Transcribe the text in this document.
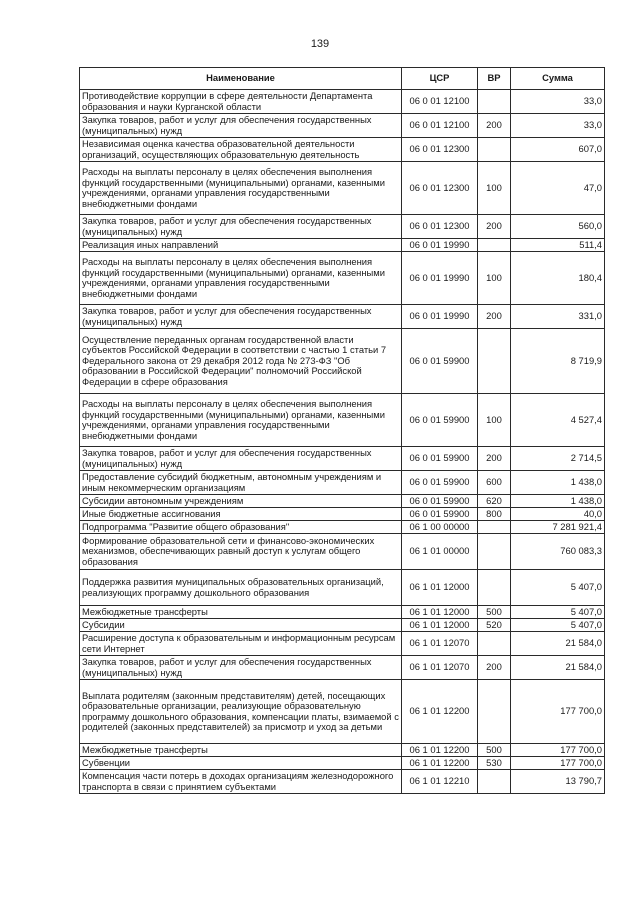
139
Наименование	ЦСР	ВР	Сумма
Противодействие коррупции в сфере деятельности Департамента образования и науки Курганской области	06 0 01 12100		33,0
Закупка товаров, работ и услуг для обеспечения государственных (муниципальных) нужд	06 0 01 12100	200	33,0
Независимая оценка качества образовательной деятельности организаций, осуществляющих образовательную деятельность	06 0 01 12300		607,0
Расходы на выплаты персоналу в целях обеспечения выполнения функций государственными (муниципальными) органами, казенными учреждениями, органами управления государственными внебюджетными фондами	06 0 01 12300	100	47,0
Закупка товаров, работ и услуг для обеспечения государственных (муниципальных) нужд	06 0 01 12300	200	560,0
Реализация иных направлений	06 0 01 19990		511,4
Расходы на выплаты персоналу в целях обеспечения выполнения функций государственными (муниципальными) органами, казенными учреждениями, органами управления государственными внебюджетными фондами	06 0 01 19990	100	180,4
Закупка товаров, работ и услуг для обеспечения государственных (муниципальных) нужд	06 0 01 19990	200	331,0
Осуществление переданных органам государственной власти субъектов Российской Федерации в соответствии с частью 1 статьи 7 Федерального закона от 29 декабря 2012 года № 273-ФЗ "Об образовании в Российской Федерации" полномочий Российской Федерации в сфере образования	06 0 01 59900		8 719,9
Расходы на выплаты персоналу в целях обеспечения выполнения функций государственными (муниципальными) органами, казенными учреждениями, органами управления государственными внебюджетными фондами	06 0 01 59900	100	4 527,4
Закупка товаров, работ и услуг для обеспечения государственных (муниципальных) нужд	06 0 01 59900	200	2 714,5
Предоставление субсидий бюджетным, автономным учреждениям и иным некоммерческим организациям	06 0 01 59900	600	1 438,0
Субсидии автономным учреждениям	06 0 01 59900	620	1 438,0
Иные бюджетные ассигнования	06 0 01 59900	800	40,0
Подпрограмма "Развитие общего образования"	06 1 00 00000		7 281 921,4
Формирование образовательной сети и финансово-экономических механизмов, обеспечивающих равный доступ к услугам общего образования	06 1 01 00000		760 083,3
Поддержка развития муниципальных образовательных организаций, реализующих программу дошкольного образования	06 1 01 12000		5 407,0
Межбюджетные трансферты	06 1 01 12000	500	5 407,0
Субсидии	06 1 01 12000	520	5 407,0
Расширение доступа к образовательным и информационным ресурсам сети Интернет	06 1 01 12070		21 584,0
Закупка товаров, работ и услуг для обеспечения государственных (муниципальных) нужд	06 1 01 12070	200	21 584,0
Выплата родителям (законным представителям) детей, посещающих образовательные организации, реализующие образовательную программу дошкольного образования, компенсации платы, взимаемой с родителей (законных представителей) за присмотр и уход за детьми	06 1 01 12200		177 700,0
Межбюджетные трансферты	06 1 01 12200	500	177 700,0
Субвенции	06 1 01 12200	530	177 700,0
Компенсация части потерь в доходах организациям железнодорожного транспорта в связи с принятием субъектами	06 1 01 12210		13 790,7
